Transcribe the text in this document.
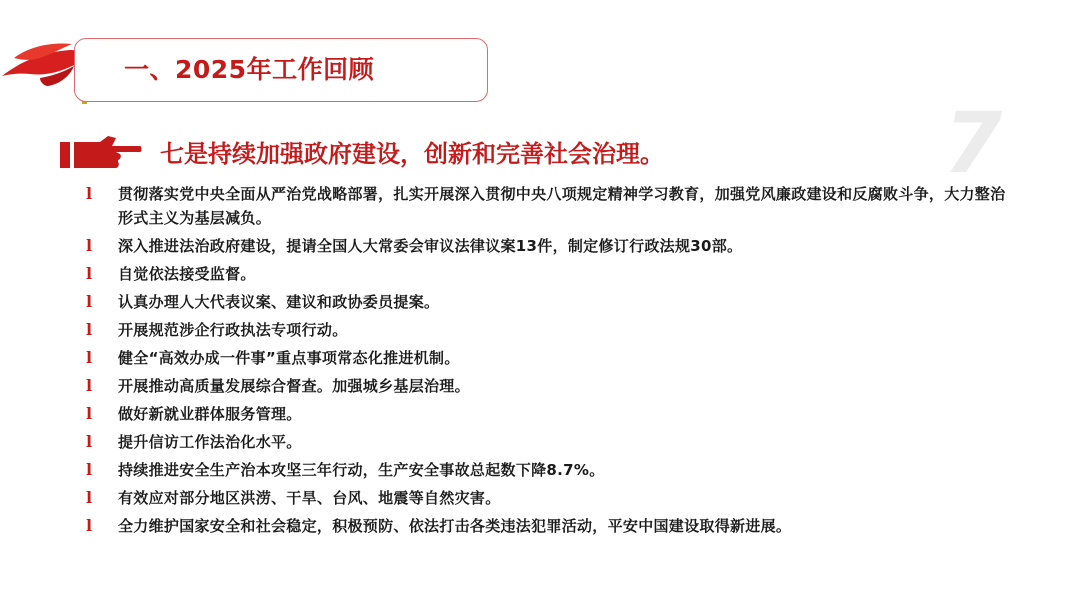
一、2025年工作回顾
7
七是持续加强政府建设，创新和完善社会治理。
l	贯彻落实党中央全面从严治党战略部署，扎实开展深入贯彻中央八项规定精神学习教育，加强党风廉政建设和反腐败斗争，大力整治形式主义为基层减负。
l	深入推进法治政府建设，提请全国人大常委会审议法律议案13件，制定修订行政法规30部。
l	自觉依法接受监督。
l	认真办理人大代表议案、建议和政协委员提案。
l	开展规范涉企行政执法专项行动。
l	健全“高效办成一件事”重点事项常态化推进机制。
l	开展推动高质量发展综合督查。加强城乡基层治理。
l	做好新就业群体服务管理。
l	提升信访工作法治化水平。
l	持续推进安全生产治本攻坚三年行动，生产安全事故总起数下降8.7%。
l	有效应对部分地区洪涝、干旱、台风、地震等自然灾害。
l	全力维护国家安全和社会稳定，积极预防、依法打击各类违法犯罪活动，平安中国建设取得新进展。
